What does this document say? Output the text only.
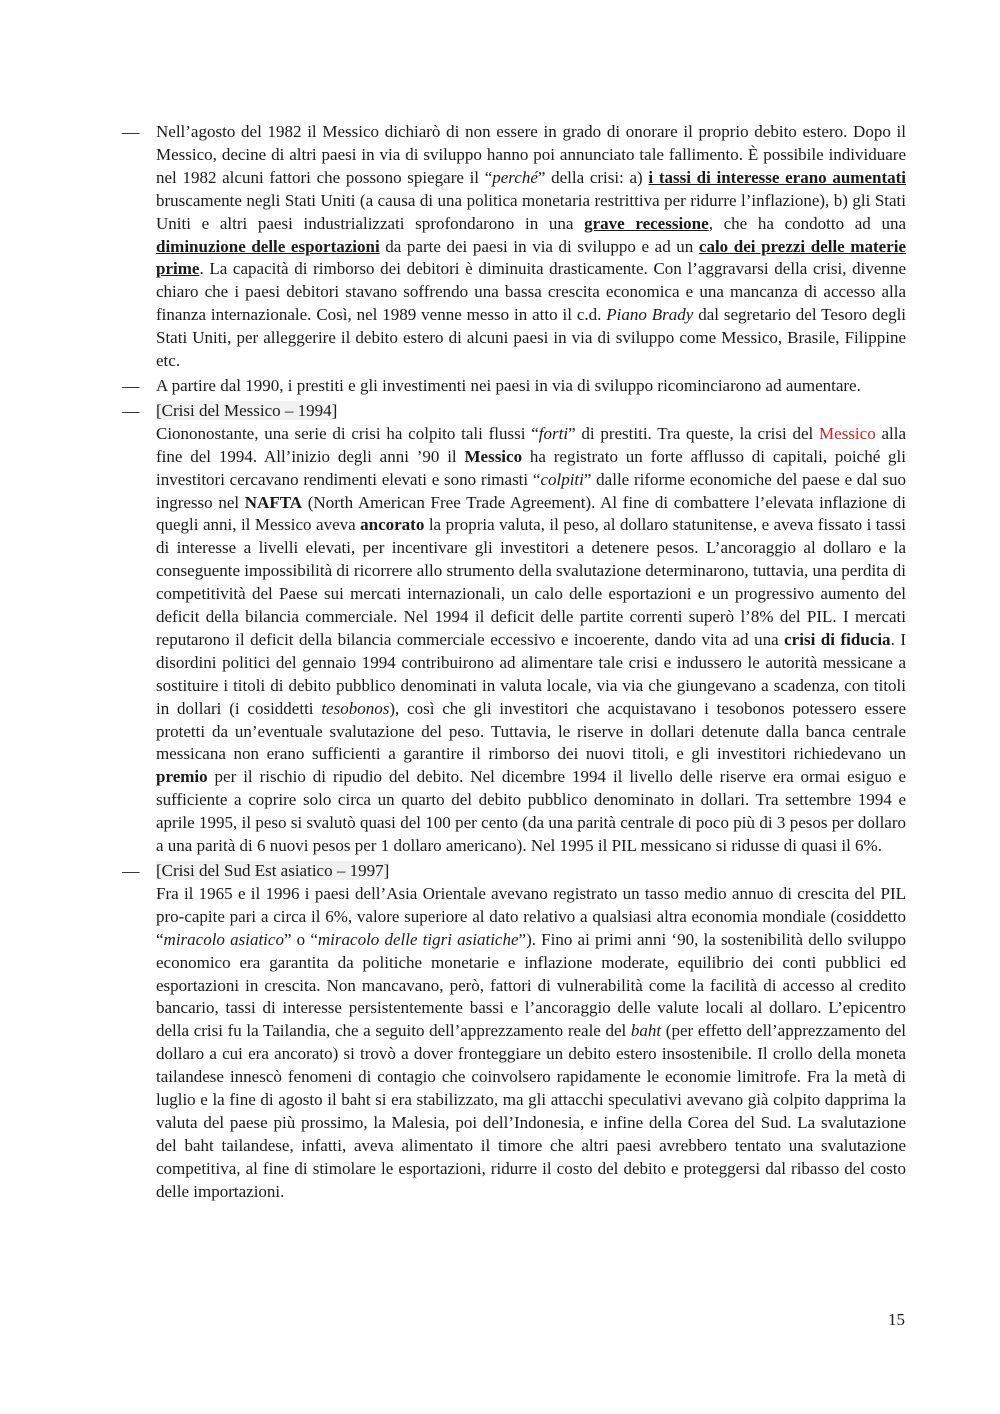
— Nell’agosto del 1982 il Messico dichiarò di non essere in grado di onorare il proprio debito estero. Dopo il Messico, decine di altri paesi in via di sviluppo hanno poi annunciato tale fallimento. È possibile individuare nel 1982 alcuni fattori che possono spiegare il “perché” della crisi: a) i tassi di interesse erano aumentati bruscamente negli Stati Uniti (a causa di una politica monetaria restrittiva per ridurre l’inflazione), b) gli Stati Uniti e altri paesi industrializzati sprofondarono in una grave recessione, che ha condotto ad una diminuzione delle esportazioni da parte dei paesi in via di sviluppo e ad un calo dei prezzi delle materie prime. La capacità di rimborso dei debitori è diminuita drasticamente. Con l’aggravarsi della crisi, divenne chiaro che i paesi debitori stavano soffrendo una bassa crescita economica e una mancanza di accesso alla finanza internazionale. Così, nel 1989 venne messo in atto il c.d. Piano Brady dal segretario del Tesoro degli Stati Uniti, per alleggerire il debito estero di alcuni paesi in via di sviluppo come Messico, Brasile, Filippine etc.

— A partire dal 1990, i prestiti e gli investimenti nei paesi in via di sviluppo ricominciarono ad aumentare.

— [Crisi del Messico – 1994]

Ciononostante, una serie di crisi ha colpito tali flussi “forti” di prestiti. Tra queste, la crisi del Messico alla fine del 1994. All’inizio degli anni ’90 il Messico ha registrato un forte afflusso di capitali, poiché gli investitori cercavano rendimenti elevati e sono rimasti “colpiti” dalle riforme economiche del paese e dal suo ingresso nel NAFTA (North American Free Trade Agreement). Al fine di combattere l’elevata inflazione di quegli anni, il Messico aveva ancorato la propria valuta, il peso, al dollaro statunitense, e aveva fissato i tassi di interesse a livelli elevati, per incentivare gli investitori a detenere pesos. L’ancoraggio al dollaro e la conseguente impossibilità di ricorrere allo strumento della svalutazione determinarono, tuttavia, una perdita di competitività del Paese sui mercati internazionali, un calo delle esportazioni e un progressivo aumento del deficit della bilancia commerciale. Nel 1994 il deficit delle partite correnti superò l’8% del PIL. I mercati reputarono il deficit della bilancia commerciale eccessivo e incoerente, dando vita ad una crisi di fiducia. I disordini politici del gennaio 1994 contribuirono ad alimentare tale crisi e indussero le autorità messicane a sostituire i titoli di debito pubblico denominati in valuta locale, via via che giungevano a scadenza, con titoli in dollari (i cosiddetti tesobonos), così che gli investitori che acquistavano i tesobonos potessero essere protetti da un’eventuale svalutazione del peso. Tuttavia, le riserve in dollari detenute dalla banca centrale messicana non erano sufficienti a garantire il rimborso dei nuovi titoli, e gli investitori richiedevano un premio per il rischio di ripudio del debito. Nel dicembre 1994 il livello delle riserve era ormai esiguo e sufficiente a coprire solo circa un quarto del debito pubblico denominato in dollari. Tra settembre 1994 e aprile 1995, il peso si svalutò quasi del 100 per cento (da una parità centrale di poco più di 3 pesos per dollaro a una parità di 6 nuovi pesos per 1 dollaro americano). Nel 1995 il PIL messicano si ridusse di quasi il 6%.

— [Crisi del Sud Est asiatico – 1997]

Fra il 1965 e il 1996 i paesi dell’Asia Orientale avevano registrato un tasso medio annuo di crescita del PIL pro-capite pari a circa il 6%, valore superiore al dato relativo a qualsiasi altra economia mondiale (cosiddetto “miracolo asiatico” o “miracolo delle tigri asiatiche”). Fino ai primi anni ‘90, la sostenibilità dello sviluppo economico era garantita da politiche monetarie e inflazione moderate, equilibrio dei conti pubblici ed esportazioni in crescita. Non mancavano, però, fattori di vulnerabilità come la facilità di accesso al credito bancario, tassi di interesse persistentemente bassi e l’ancoraggio delle valute locali al dollaro. L’epicentro della crisi fu la Tailandia, che a seguito dell’apprezzamento reale del baht (per effetto dell’apprezzamento del dollaro a cui era ancorato) si trovò a dover fronteggiare un debito estero insostenibile. Il crollo della moneta tailandese innescò fenomeni di contagio che coinvolsero rapidamente le economie limitrofe. Fra la metà di luglio e la fine di agosto il baht si era stabilizzato, ma gli attacchi speculativi avevano già colpito dapprima la valuta del paese più prossimo, la Malesia, poi dell’Indonesia, e infine della Corea del Sud. La svalutazione del baht tailandese, infatti, aveva alimentato il timore che altri paesi avrebbero tentato una svalutazione competitiva, al fine di stimolare le esportazioni, ridurre il costo del debito e proteggersi dal ribasso del costo delle importazioni.

15
